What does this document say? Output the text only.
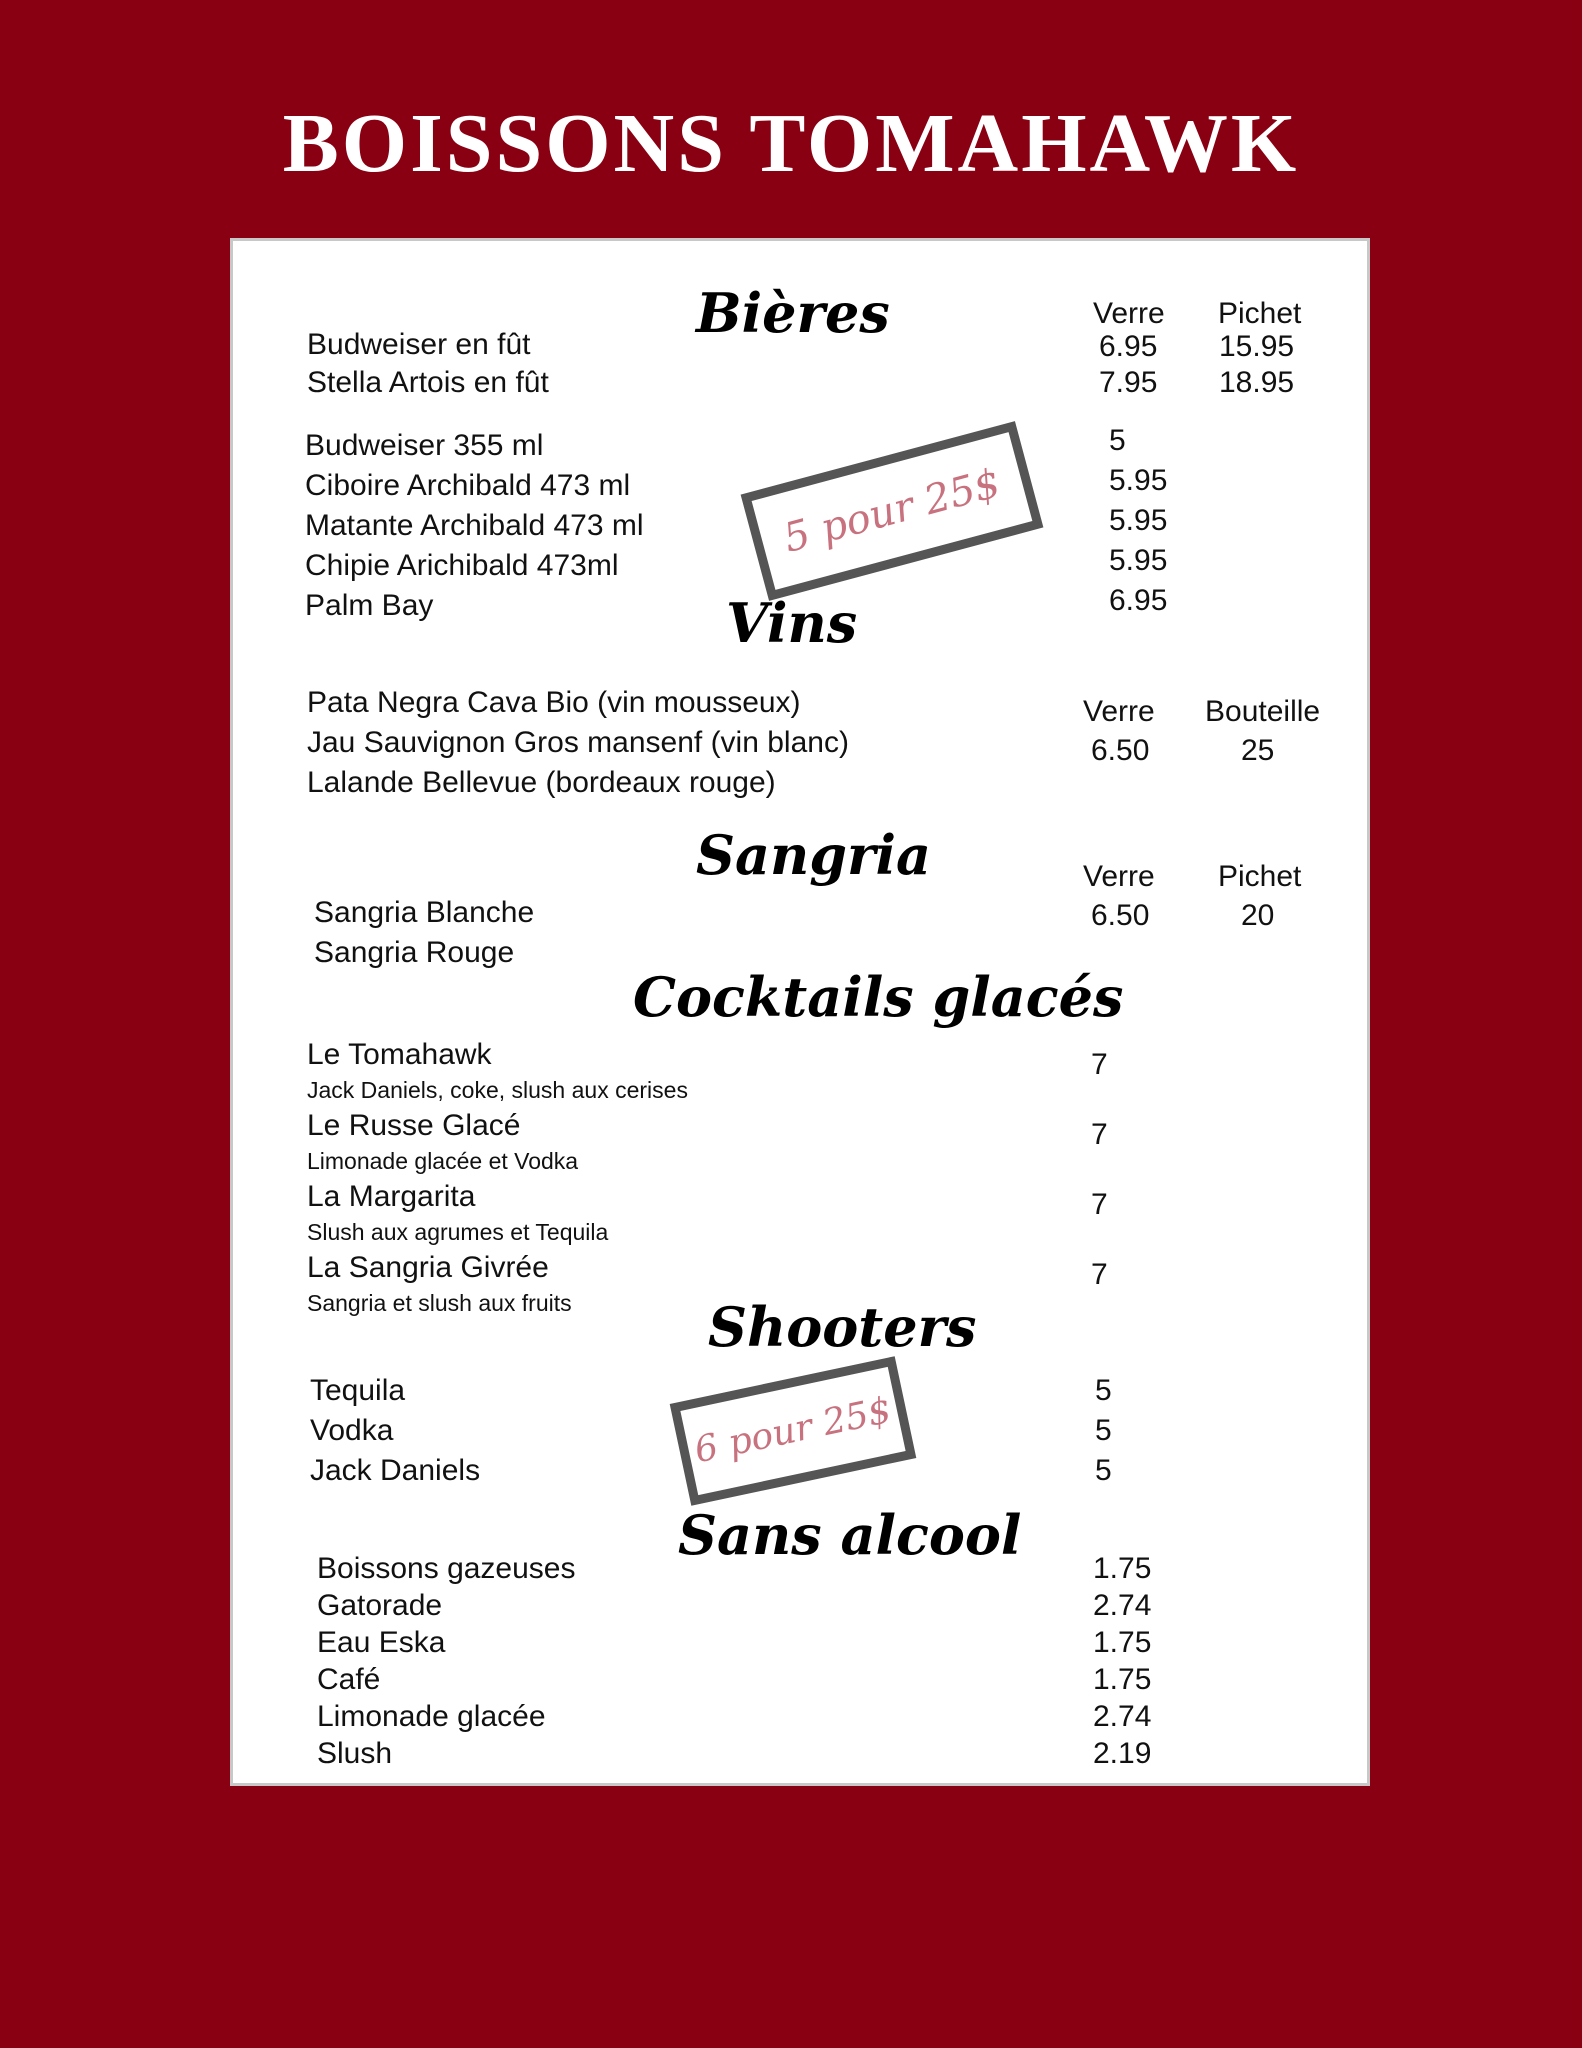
BOISSONS TOMAHAWK
Bières	Verre Pichet
Budweiser en fût	6.95 15.95
Stella Artois en fût	7.95 18.95
Budweiser 355 ml	5
Ciboire Archibald 473 ml	5.95
Matante Archibald 473 ml	5.95
Chipie Arichibald 473ml	5.95
Palm Bay	6.95
5 pour 25$
Vins
Pata Negra Cava Bio (vin mousseux)
Jau Sauvignon Gros mansenf (vin blanc)
Lalande Bellevue (bordeaux rouge)
Verre Bouteille
6.50	25
Sangria	Verre Pichet
6.50	20
Sangria Blanche
Sangria Rouge
Cocktails glacés
Le Tomahawk
Jack Daniels, coke, slush aux cerises
7
Le Russe Glacé
Limonade glacée et Vodka
7
La Margarita
Slush aux agrumes et Tequila
7
La Sangria Givrée
Sangria et slush aux fruits
7
Shooters
Tequila	5
Vodka	5
Jack Daniels	5
6 pour 25$
Sans alcool
Boissons gazeuses	1.75
Gatorade	2.74
Eau Eska	1.75
Café	1.75
Limonade glacée	2.74
Slush	2.19
